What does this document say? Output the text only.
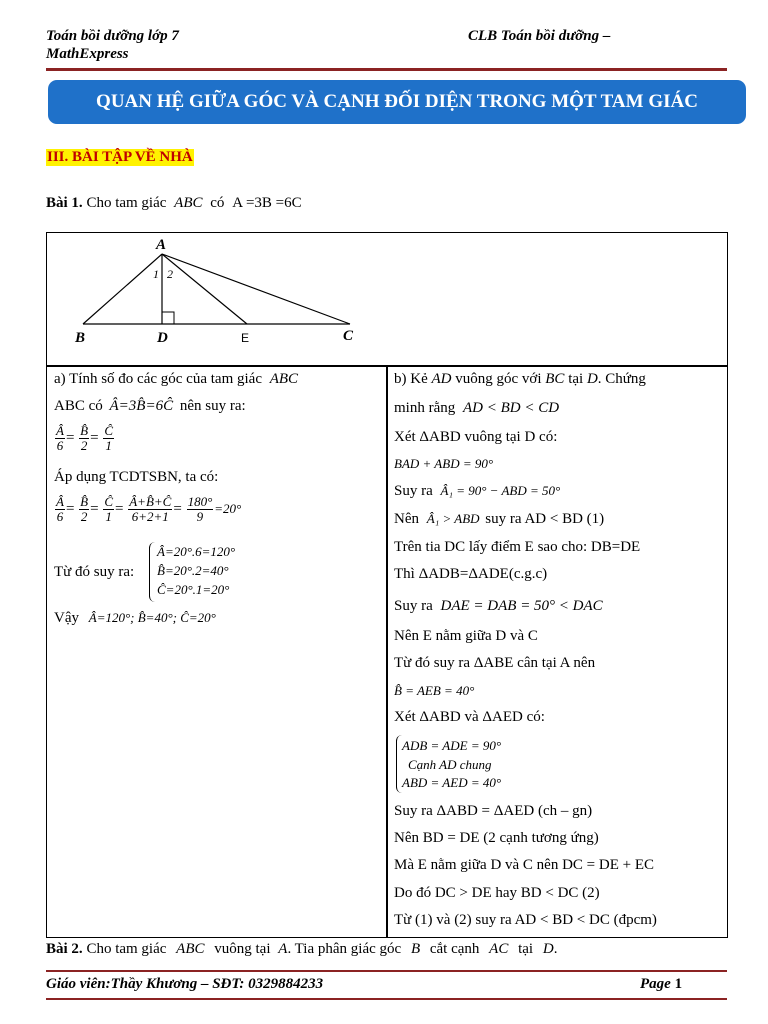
Toán bồi dưỡng lớp 7
MathExpress
CLB Toán bồi dưỡng –
QUAN HỆ GIỮA GÓC VÀ CẠNH ĐỐI DIỆN TRONG MỘT TAM GIÁC
III. BÀI TẬP VỀ NHÀ
Bài 1. Cho tam giác ABC có A =3B =6C
A
B	C
D	E
1 2
a) Tính số đo các góc của tam giác ABC
ABC có Â=3B̂=6Ĉ nên suy ra:
$\frac{Â}{6} = \frac{B̂}{2} = \frac{Ĉ}{1}$
Áp dụng TCDTSBN, ta có:
$\frac{Â}{6} = \frac{B̂}{2} = \frac{Ĉ}{1} = \frac{Â+B̂+Ĉ}{6+2+1} = \frac{180^\circ}{9} =20^\circ$
Từ đó suy ra:
Â=20°.6=120°
B̂=20°.2=40°
Ĉ=20°.1=20°
Vậy Â=120°; B̂=40°; Ĉ=20°
b) Kẻ AD vuông góc với BC tại D. Chứng
minh rằng AD < BD < CD
Xét ΔABD vuông tại D có:
BAD + ABD = 90°
Suy ra Â₁ = 90° − ABD = 50°
Nên Â₁ > ABD suy ra AD < BD (1)
Trên tia DC lấy điểm E sao cho: DB=DE
Thì ΔADB=ΔADE(c.g.c)
Suy ra DAE = DAB = 50° < DAC
Nên E nằm giữa D và C
Từ đó suy ra ΔABE cân tại A nên
B̂ = AEB = 40°
Xét ΔABD và ΔAED có:
ADB = ADE = 90°
Cạnh AD chung
ABD = AED = 40°
Suy ra ΔABD = ΔAED (ch – gn)
Nên BD = DE (2 cạnh tương ứng)
Mà E nằm giữa D và C nên DC = DE + EC
Do đó DC > DE hay BD < DC (2)
Từ (1) và (2) suy ra AD < BD < DC (đpcm)
Bài 2. Cho tam giác ABC vuông tại A. Tia phân giác góc B cắt cạnh AC tại D.
Giáo viên:Thầy Khương – SĐT: 0329884233	Page 1
